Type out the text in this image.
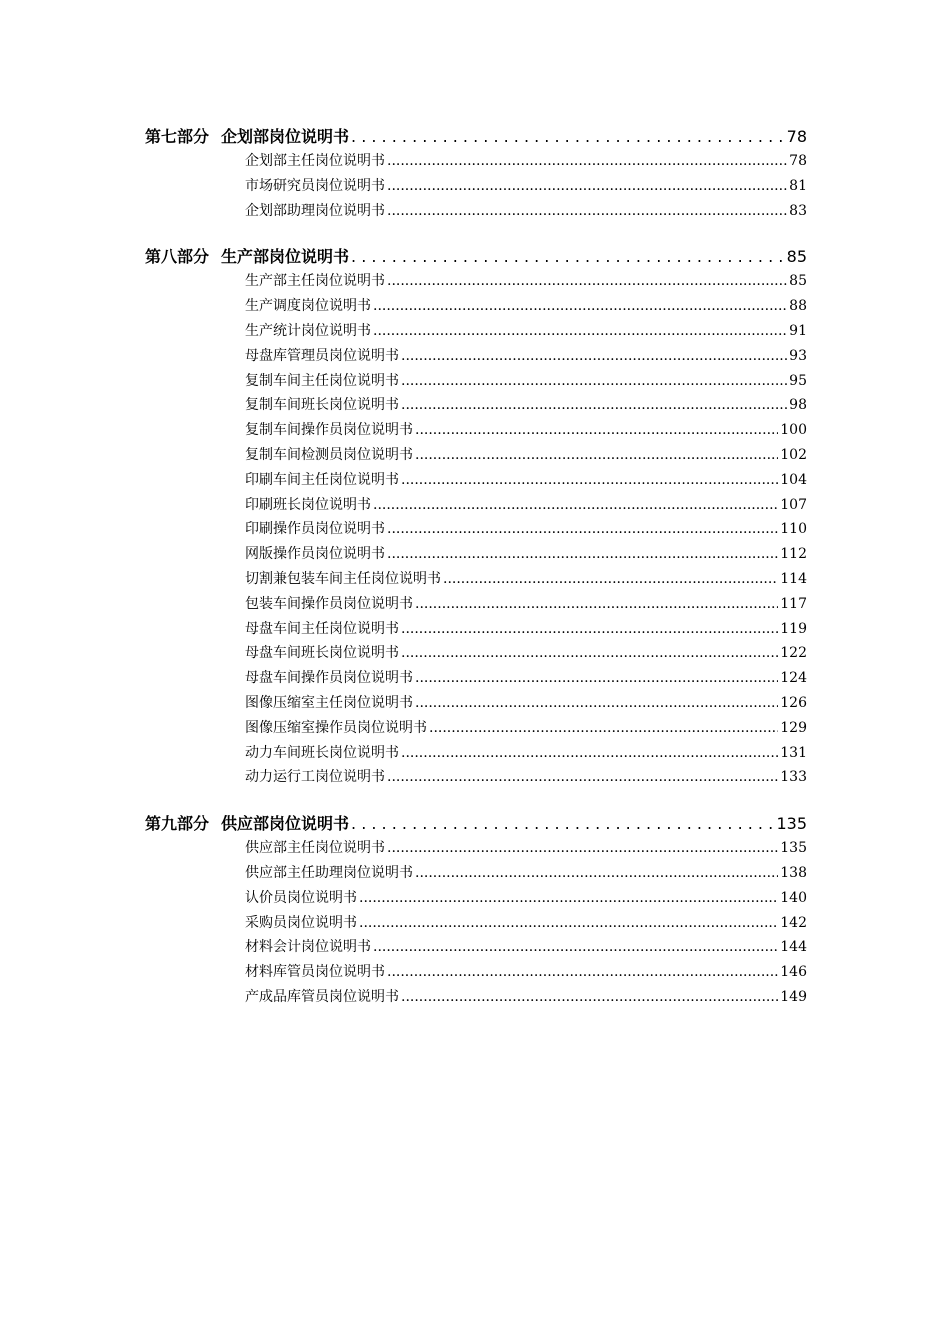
第七部分 企划部岗位说明书 . . .	78
企划部主任岗位说明书 .....	78
市场研究员岗位说明书 .....	81
企划部助理岗位说明书 .....	83
第八部分 生产部岗位说明书 . . .	85
生产部主任岗位说明书 .....	85
生产调度岗位说明书 .....	88
生产统计岗位说明书 .....	91
母盘库管理员岗位说明书 .....	93
复制车间主任岗位说明书 .....	95
复制车间班长岗位说明书 .....	98
复制车间操作员岗位说明书 .....	100
复制车间检测员岗位说明书 .....	102
印刷车间主任岗位说明书 .....	104
印刷班长岗位说明书 .....	107
印刷操作员岗位说明书 .....	110
网版操作员岗位说明书 .....	112
切割兼包装车间主任岗位说明书 .....	114
包装车间操作员岗位说明书 .....	117
母盘车间主任岗位说明书 .....	119
母盘车间班长岗位说明书 .....	122
母盘车间操作员岗位说明书 .....	124
图像压缩室主任岗位说明书 .....	126
图像压缩室操作员岗位说明书 .....	129
动力车间班长岗位说明书 .....	131
动力运行工岗位说明书 .....	133
第九部分 供应部岗位说明书 . . .	135
供应部主任岗位说明书 .....	135
供应部主任助理岗位说明书 .....	138
认价员岗位说明书 .....	140
采购员岗位说明书 .....	142
材料会计岗位说明书 .....	144
材料库管员岗位说明书 .....	146
产成品库管员岗位说明书 .....	149
